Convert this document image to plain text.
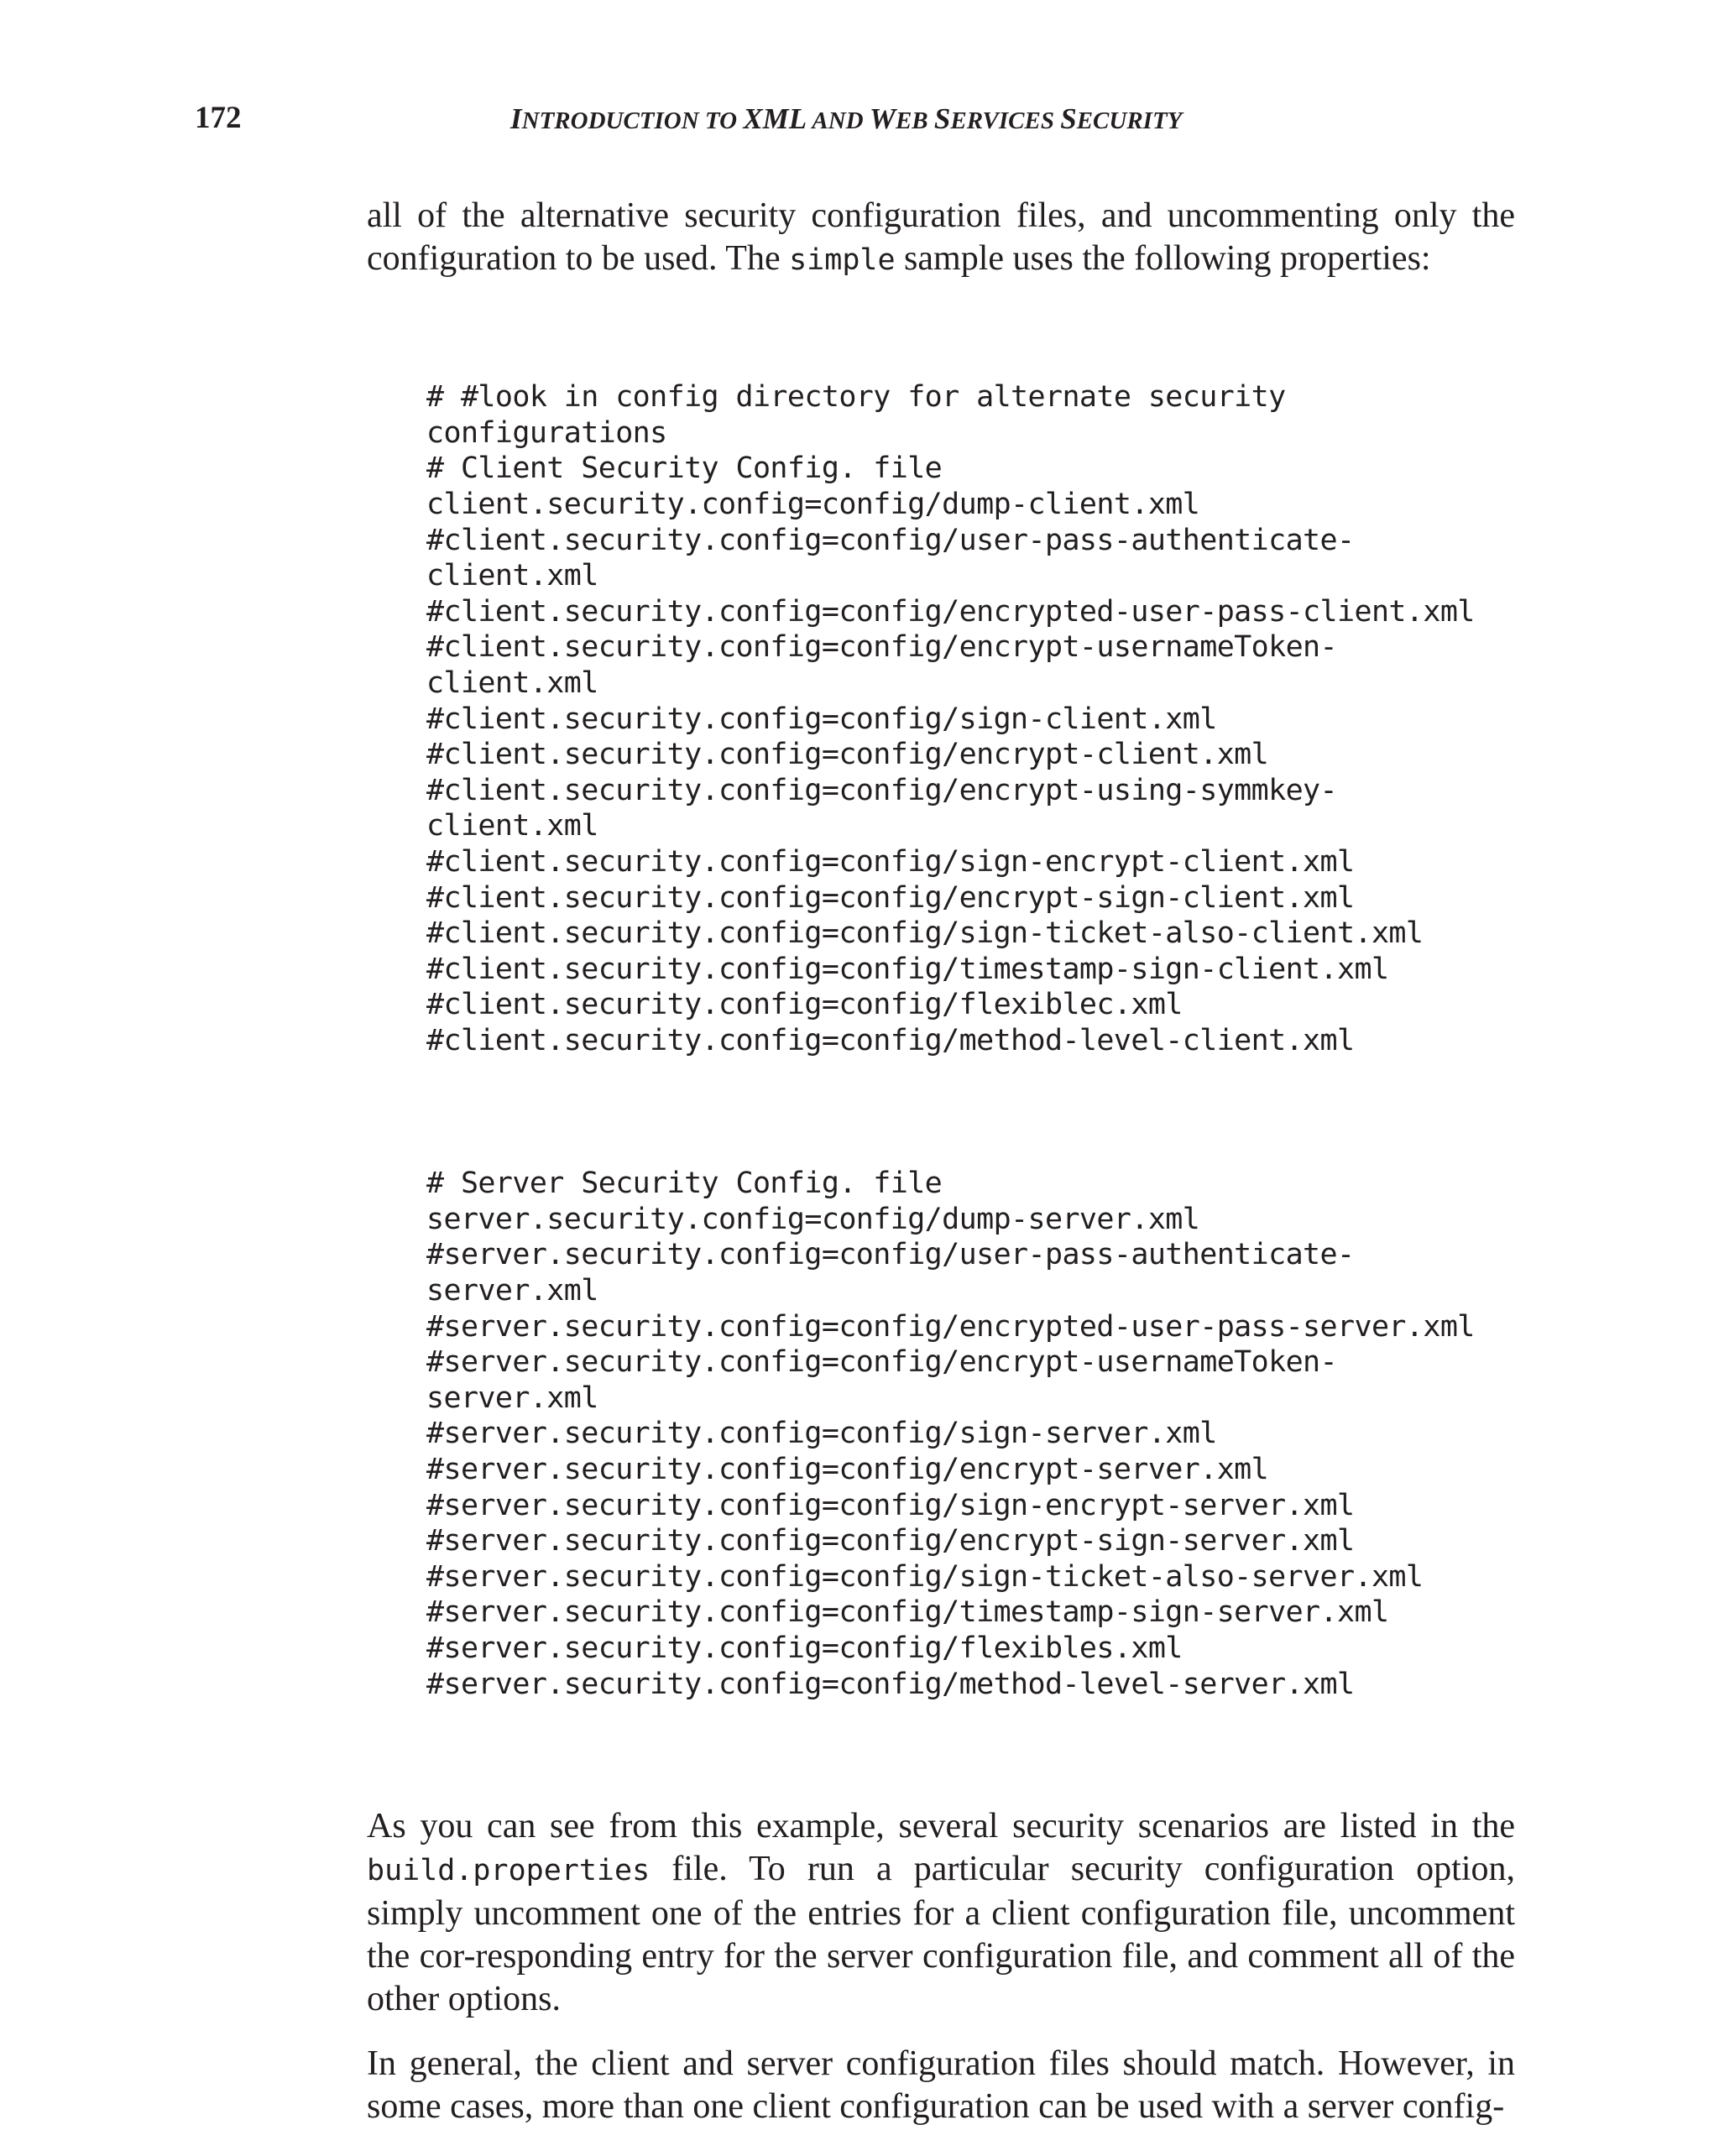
172	INTRODUCTION TO XML AND WEB SERVICES SECURITY

all of the alternative security configuration files, and uncommenting only the configuration to be used. The simple sample uses the following properties:

# #look in config directory for alternate security
configurations
# Client Security Config. file
client.security.config=config/dump-client.xml
#client.security.config=config/user-pass-authenticate-
client.xml
#client.security.config=config/encrypted-user-pass-client.xml
#client.security.config=config/encrypt-usernameToken-
client.xml
#client.security.config=config/sign-client.xml
#client.security.config=config/encrypt-client.xml
#client.security.config=config/encrypt-using-symmkey-
client.xml
#client.security.config=config/sign-encrypt-client.xml
#client.security.config=config/encrypt-sign-client.xml
#client.security.config=config/sign-ticket-also-client.xml
#client.security.config=config/timestamp-sign-client.xml
#client.security.config=config/flexiblec.xml
#client.security.config=config/method-level-client.xml

# Server Security Config. file
server.security.config=config/dump-server.xml
#server.security.config=config/user-pass-authenticate-
server.xml
#server.security.config=config/encrypted-user-pass-server.xml
#server.security.config=config/encrypt-usernameToken-
server.xml
#server.security.config=config/sign-server.xml
#server.security.config=config/encrypt-server.xml
#server.security.config=config/sign-encrypt-server.xml
#server.security.config=config/encrypt-sign-server.xml
#server.security.config=config/sign-ticket-also-server.xml
#server.security.config=config/timestamp-sign-server.xml
#server.security.config=config/flexibles.xml
#server.security.config=config/method-level-server.xml

As you can see from this example, several security scenarios are listed in the build.properties file. To run a particular security configuration option, simply uncomment one of the entries for a client configuration file, uncomment the cor-responding entry for the server configuration file, and comment all of the other options.

In general, the client and server configuration files should match. However, in some cases, more than one client configuration can be used with a server config-
